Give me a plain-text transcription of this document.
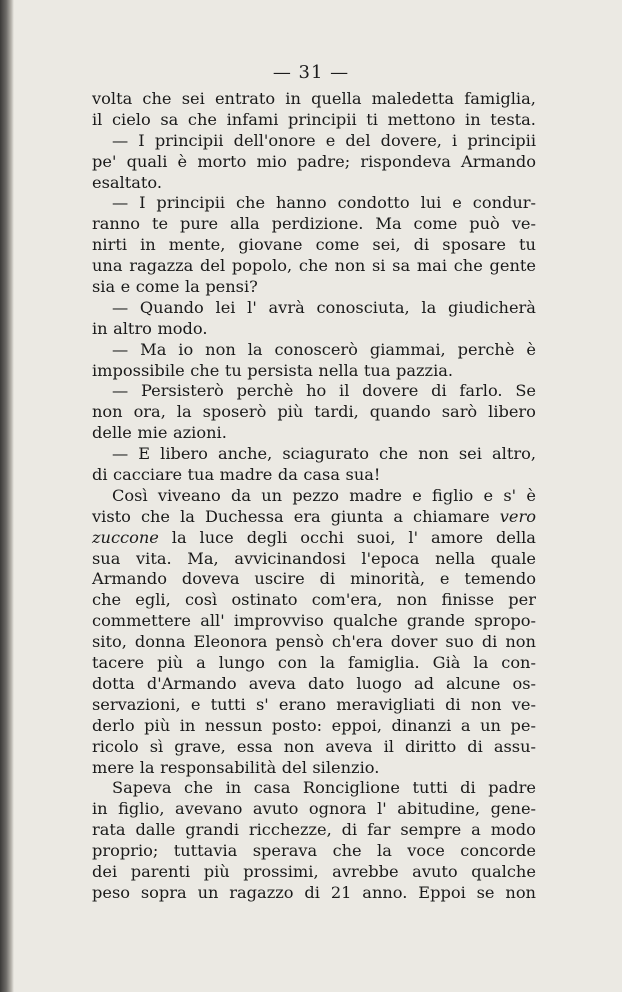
— 31 —
volta che sei entrato in quella maledetta famiglia,
il cielo sa che infami principii ti mettono in testa.
— I principii dell'onore e del dovere, i principii
pe' quali è morto mio padre; rispondeva Armando
esaltato.
— I principii che hanno condotto lui e condur-
ranno te pure alla perdizione. Ma come può ve-
nirti in mente, giovane come sei, di sposare tu
una ragazza del popolo, che non si sa mai che gente
sia e come la pensi?
— Quando lei l' avrà conosciuta, la giudicherà
in altro modo.
— Ma io non la conoscerò giammai, perchè è
impossibile che tu persista nella tua pazzia.
— Persisterò perchè ho il dovere di farlo. Se
non ora, la sposerò più tardi, quando sarò libero
delle mie azioni.
— E libero anche, sciagurato che non sei altro,
di cacciare tua madre da casa sua!
Così viveano da un pezzo madre e figlio e s' è
visto che la Duchessa era giunta a chiamare vero
zuccone la luce degli occhi suoi, l' amore della
sua vita. Ma, avvicinandosi l'epoca nella quale
Armando doveva uscire di minorità, e temendo
che egli, così ostinato com'era, non finisse per
commettere all' improvviso qualche grande spropo-
sito, donna Eleonora pensò ch'era dover suo di non
tacere più a lungo con la famiglia. Già la con-
dotta d'Armando aveva dato luogo ad alcune os-
servazioni, e tutti s' erano meravigliati di non ve-
derlo più in nessun posto: eppoi, dinanzi a un pe-
ricolo sì grave, essa non aveva il diritto di assu-
mere la responsabilità del silenzio.
Sapeva che in casa Ronciglione tutti di padre
in figlio, avevano avuto ognora l' abitudine, gene-
rata dalle grandi ricchezze, di far sempre a modo
proprio; tuttavia sperava che la voce concorde
dei parenti più prossimi, avrebbe avuto qualche
peso sopra un ragazzo di 21 anno. Eppoi se non
